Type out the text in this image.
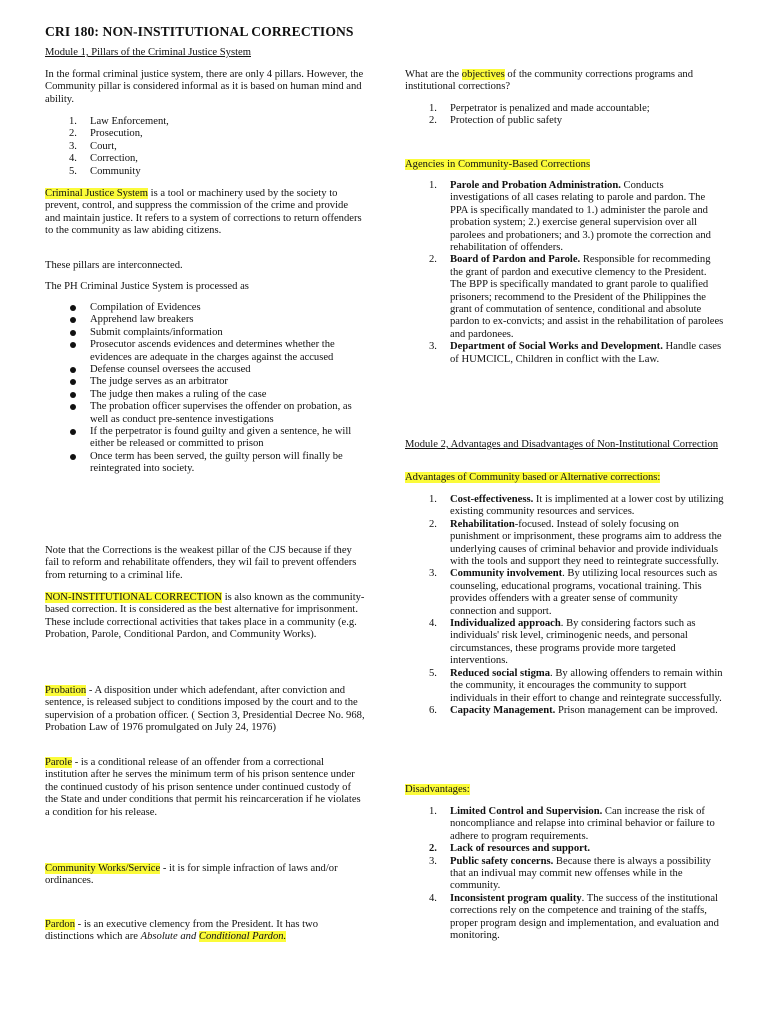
CRI 180: NON-INSTITUTIONAL CORRECTIONS

Module 1, Pillars of the Criminal Justice System

In the formal criminal justice system, there are only 4 pillars. However, the Community pillar is considered informal as it is based on human mind and ability.

1. Law Enforcement,
2. Prosecution,
3. Court,
4. Correction,
5. Community

Criminal Justice System is a tool or machinery used by the society to prevent, control, and suppress the commission of the crime and provide and maintain justice. It refers to a system of corrections to return offenders to the community as law abiding citizens.

These pillars are interconnected.

The PH Criminal Justice System is processed as

Compilation of Evidences
Apprehend law breakers
Submit complaints/information
Prosecutor ascends evidences and determines whether the evidences are adequate in the charges against the accused
Defense counsel oversees the accused
The judge serves as an arbitrator
The judge then makes a ruling of the case
The probation officer supervises the offender on probation, as well as conduct pre-sentence investigations
If the perpetrator is found guilty and given a sentence, he will either be released or committed to prison
Once term has been served, the guilty person will finally be reintegrated into society.

Note that the Corrections is the weakest pillar of the CJS because if they fail to reform and rehabilitate offenders, they wil fail to prevent offenders from returning to a criminal life.

NON-INSTITUTIONAL CORRECTION is also known as the community-based correction. It is considered as the best alternative for imprisonment. These include correctional activities that takes place in a community (e.g. Probation, Parole, Conditional Pardon, and Community Works).

Probation - A disposition under which adefendant, after conviction and sentence, is released subject to conditions imposed by the court and to the supervision of a probation officer. ( Section 3, Presidential Decree No. 968, Probation Law of 1976 promulgated on July 24, 1976)

Parole - is a conditional release of an offender from a correctional institution after he serves the minimum term of his prison sentence under the continued custody of his prison sentence under continued custody of the State and under conditions that permit his reincarceration if he violates a condition for his release.

Community Works/Service - it is for simple infraction of laws and/or ordinances.

Pardon - is an executive clemency from the President. It has two distinctions which are Absolute and Conditional Pardon.

What are the objectives of the community corrections programs and institutional corrections?

1. Perpetrator is penalized and made accountable;
2. Protection of public safety

Agencies in Community-Based Corrections

1. Parole and Probation Administration. Conducts investigations of all cases relating to parole and pardon. The PPA is specifically mandated to 1.) administer the parole and probation system; 2.) exercise general supervision over all parolees and probationers; and 3.) promote the correction and rehabilitation of offenders.
2. Board of Pardon and Parole. Responsible for recommeding the grant of pardon and executive clemency to the President. The BPP is specifically mandated to grant parole to qualified prisoners; recommend to the President of the Philippines the grant of commutation of sentence, conditional and absolute pardon to ex-convicts; and assist in the rehabilitation of parolees and pardonees.
3. Department of Social Works and Development. Handle cases of HUMCICL, Children in conflict with the Law.

Module 2, Advantages and Disadvantages of Non-Institutional Correction

Advantages of Community based or Alternative corrections:

1. Cost-effectiveness. It is implimented at a lower cost by utilizing existing community resources and services.
2. Rehabilitation-focused. Instead of solely focusing on punishment or imprisonment, these programs aim to address the underlying causes of criminal behavior and provide individuals with the tools and support they need to reintegrate successfully.
3. Community involvement. By utilizing local resources such as counseling, educational programs, vocational training. This provides offenders with a greater sense of community connection and support.
4. Individualized approach. By considering factors such as individuals' risk level, criminogenic needs, and personal circumstances, these programs provide more targeted interventions.
5. Reduced social stigma. By allowing offenders to remain within the community, it encourages the community to support individuals in their effort to change and reintegrate successfully.
6. Capacity Management. Prison management can be improved.

Disadvantages:

1. Limited Control and Supervision. Can increase the risk of noncompliance and relapse into criminal behavior or failure to adhere to program requirements.
2. Lack of resources and support.
3. Public safety concerns. Because there is always a possibility that an indivual may commit new offenses while in the community.
4. Inconsistent program quality. The success of the institutional corrections rely on the competence and training of the staffs, proper program design and implementation, and evaluation and monitoring.
